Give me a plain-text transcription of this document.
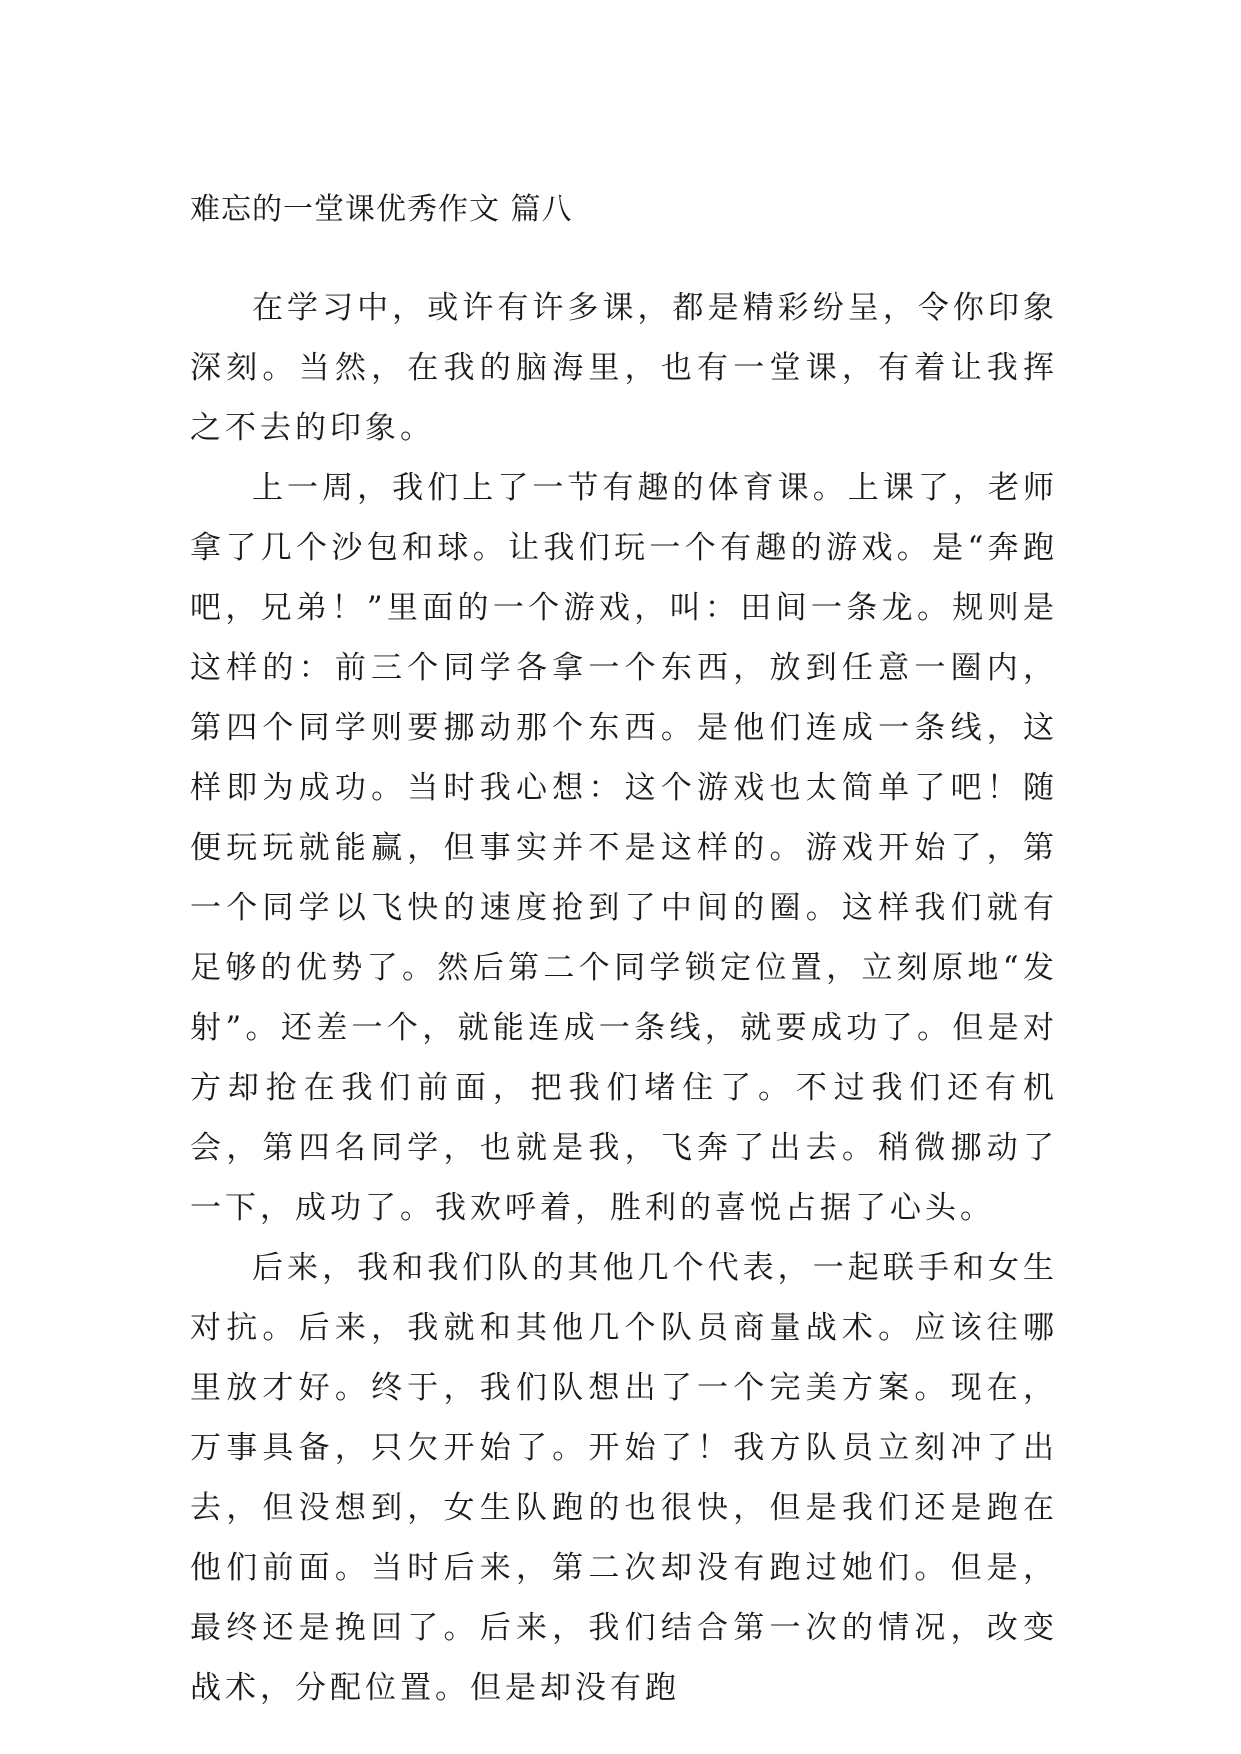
难忘的一堂课优秀作文 篇八

在学习中，或许有许多课，都是精彩纷呈，令你印象深刻。当然，在我的脑海里，也有一堂课，有着让我挥之不去的印象。

上一周，我们上了一节有趣的体育课。上课了，老师拿了几个沙包和球。让我们玩一个有趣的游戏。是“奔跑吧，兄弟！”里面的一个游戏，叫：田间一条龙。规则是这样的：前三个同学各拿一个东西，放到任意一圈内，第四个同学则要挪动那个东西。是他们连成一条线，这样即为成功。当时我心想：这个游戏也太简单了吧！随便玩玩就能赢，但事实并不是这样的。游戏开始了，第一个同学以飞快的速度抢到了中间的圈。这样我们就有足够的优势了。然后第二个同学锁定位置，立刻原地“发射”。还差一个，就能连成一条线，就要成功了。但是对方却抢在我们前面，把我们堵住了。不过我们还有机会，第四名同学，也就是我，飞奔了出去。稍微挪动了一下，成功了。我欢呼着，胜利的喜悦占据了心头。

后来，我和我们队的其他几个代表，一起联手和女生对抗。后来，我就和其他几个队员商量战术。应该往哪里放才好。终于，我们队想出了一个完美方案。现在，万事具备，只欠开始了。开始了！我方队员立刻冲了出去，但没想到，女生队跑的也很快，但是我们还是跑在他们前面。当时后来，第二次却没有跑过她们。但是，最终还是挽回了。后来，我们结合第一次的情况，改变战术，分配位置。但是却没有跑
